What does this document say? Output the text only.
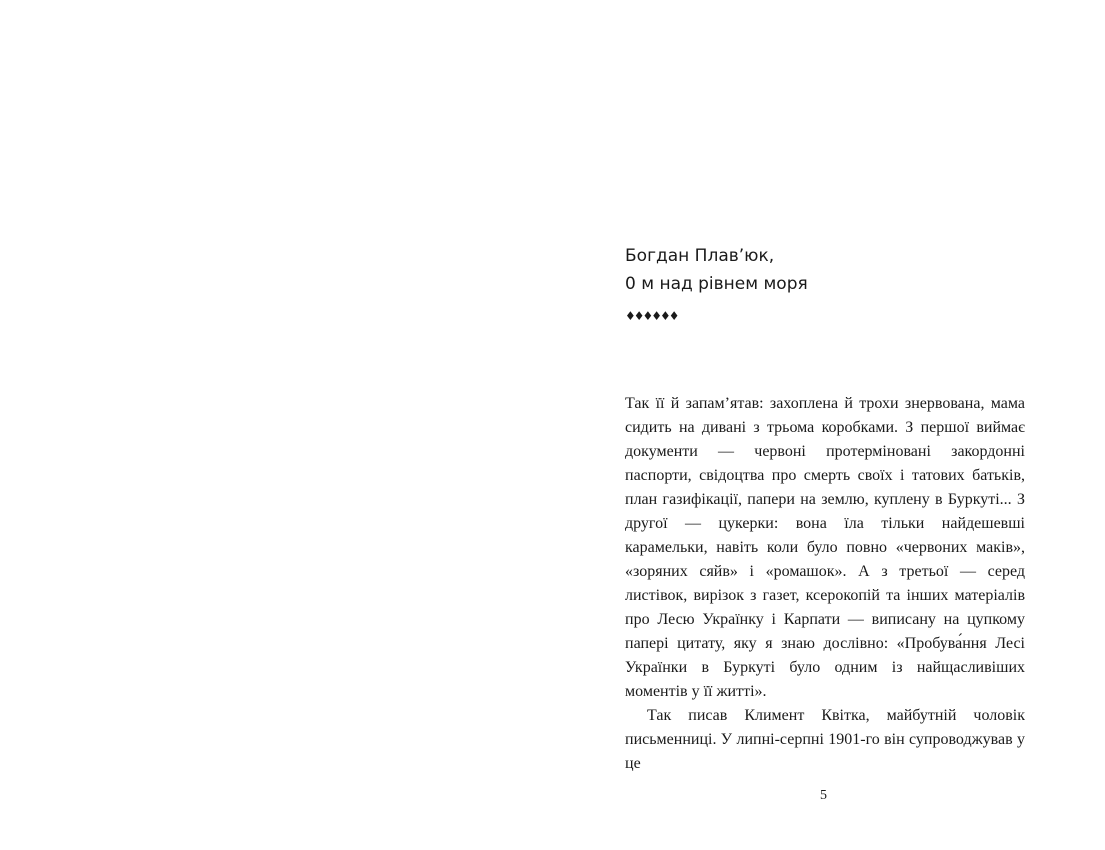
Богдан Плав’юк,
0 м над рівнем моря
♦♦♦♦♦♦

Так її й запам’ятав: захоплена й трохи знервована, мама сидить на дивані з трьома коробками. З першої виймає документи — червоні протерміновані закордонні паспорти, свідоцтва про смерть своїх і татових батьків, план газифікації, папери на землю, куплену в Буркуті... З другої — цукерки: вона їла тільки найдешевші карамельки, навіть коли було повно «червоних маків», «зоряних сяйв» і «ромашок». А з третьої — серед листівок, вирізок з газет, ксерокопій та інших матеріалів про Лесю Українку і Карпати — виписану на цупкому папері цитату, яку я знаю дослівно: «Пробува́ння Лесі Українки в Буркуті було одним із найщасливіших моментів у її житті».

Так писав Климент Квітка, майбутній чоловік письменниці. У липні-серпні 1901-го він супроводжував у це

5
